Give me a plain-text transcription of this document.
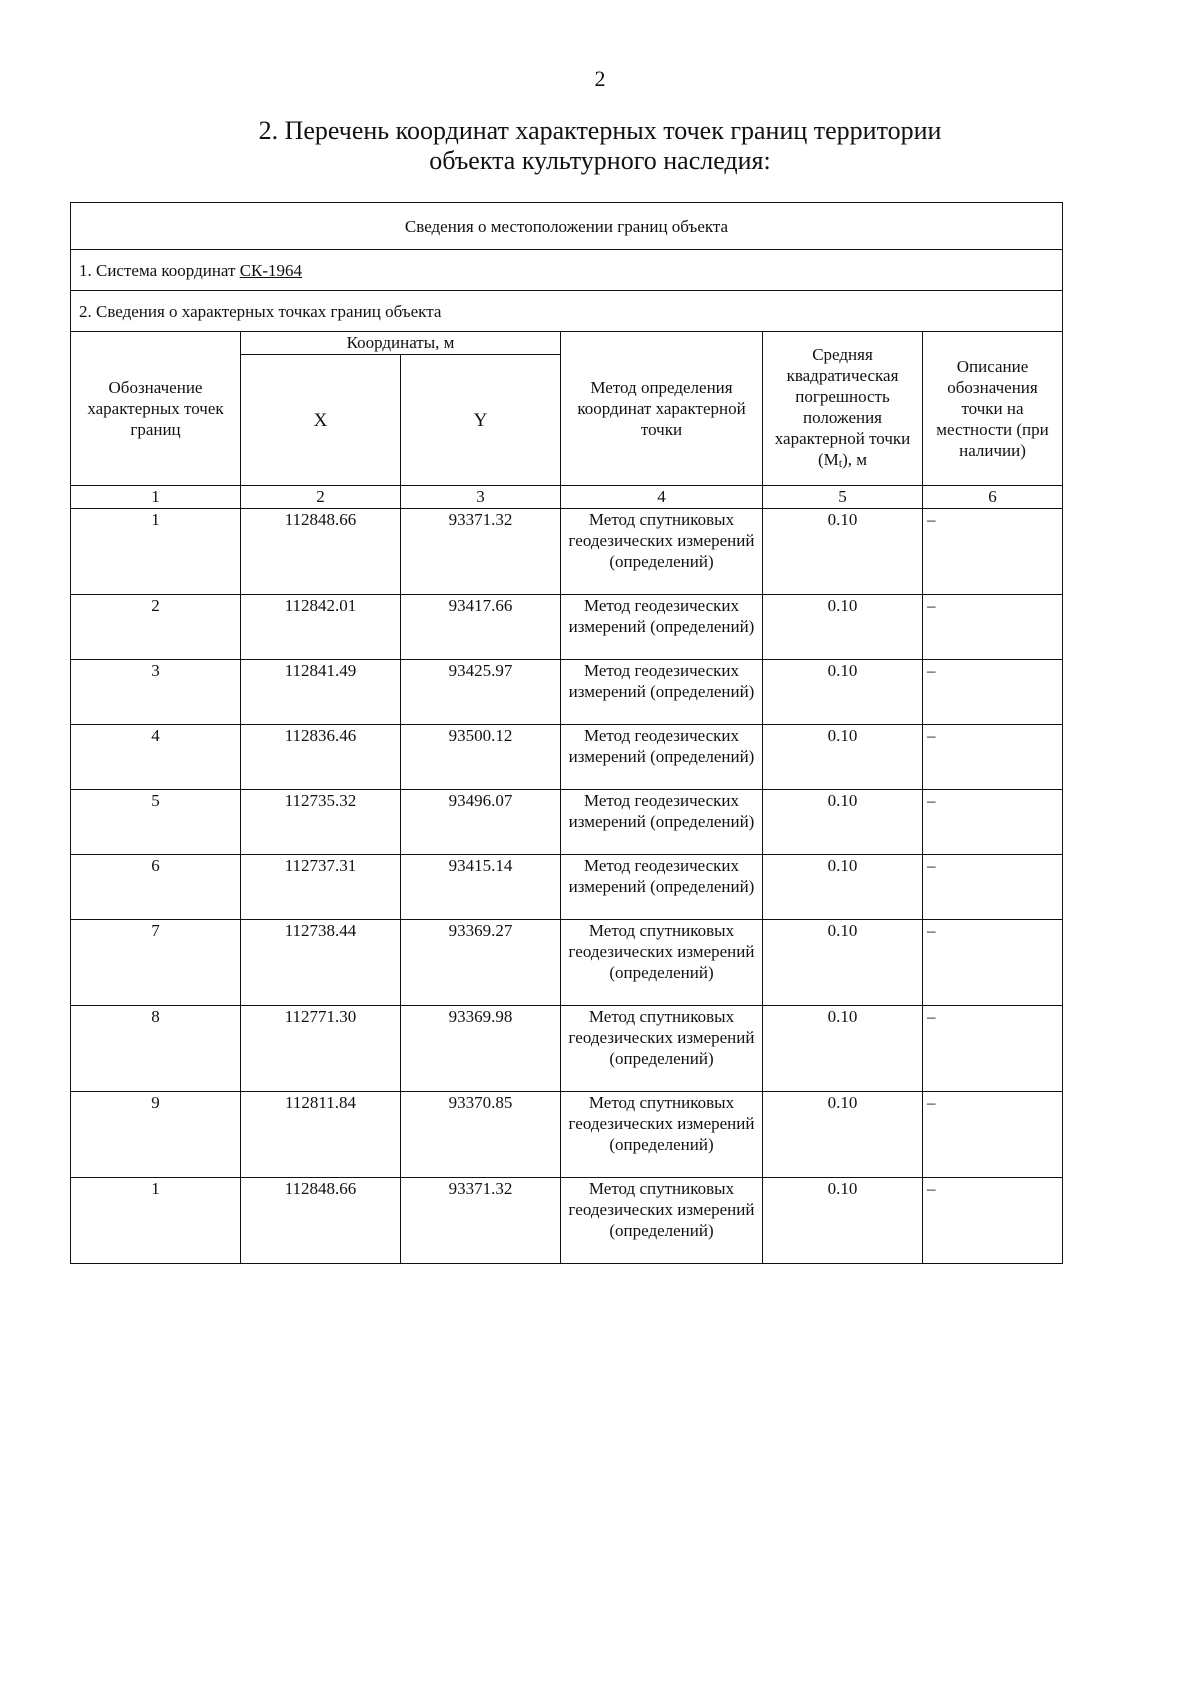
2
2. Перечень координат характерных точек границ территории
объекта культурного наследия:
Сведения о местоположении границ объекта					
1. Система координат СК-1964					
2. Сведения о характерных точках границ объекта					
Обозначение характерных точек границ	Координаты, м		Метод определения координат характерной точки	Средняя квадратическая погрешность положения характерной точки (Mt), м	Описание обозначения точки на местности (при наличии)
	X	Y			
1	2	3	4	5	6
1	112848.66	93371.32	Метод спутниковых геодезических измерений (определений)	0.10	–
2	112842.01	93417.66	Метод геодезических измерений (определений)	0.10	–
3	112841.49	93425.97	Метод геодезических измерений (определений)	0.10	–
4	112836.46	93500.12	Метод геодезических измерений (определений)	0.10	–
5	112735.32	93496.07	Метод геодезических измерений (определений)	0.10	–
6	112737.31	93415.14	Метод геодезических измерений (определений)	0.10	–
7	112738.44	93369.27	Метод спутниковых геодезических измерений (определений)	0.10	–
8	112771.30	93369.98	Метод спутниковых геодезических измерений (определений)	0.10	–
9	112811.84	93370.85	Метод спутниковых геодезических измерений (определений)	0.10	–
1	112848.66	93371.32	Метод спутниковых геодезических измерений (определений)	0.10	–
